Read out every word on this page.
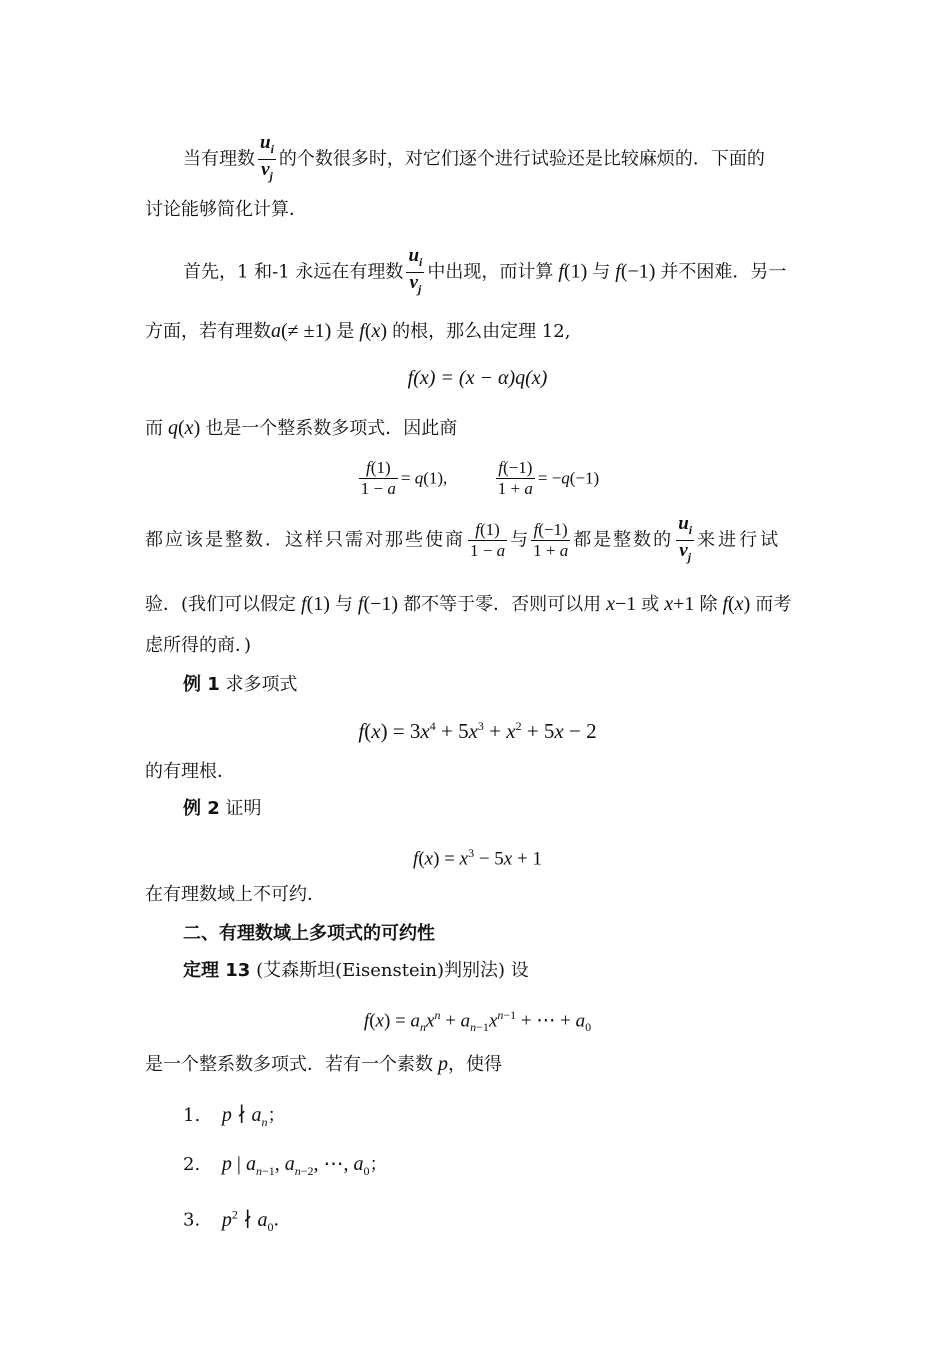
当有理数 $\frac{u_i}{v_j}$ 的个数很多时，对它们逐个进行试验还是比较麻烦的．下面的
讨论能够简化计算．
首先，1 和-1 永远在有理数 $\frac{u_i}{v_j}$ 中出现，而计算 f(1) 与 f(−1) 并不困难．另一
方面，若有理数a(≠ ±1) 是 f(x) 的根，那么由定理 12,
f(x) = (x − α)q(x)
而 q(x) 也是一个整系数多项式．因此商
$\frac{f(1)}{1 - a} = q(1)$,	$\frac{f(-1)}{1 + a} = -q(-1)$
都应该是整数．这样只需对那些使商 $\frac{f(1)}{1 - a}$ 与 $\frac{f(-1)}{1 + a}$ 都是整数的 $\frac{u_i}{v_j}$ 来进行试
验．(我们可以假定 f(1) 与 f(−1) 都不等于零．否则可以用 x−1 或 x+1 除 f(x) 而考
虑所得的商．)
例 1 求多项式
$f(x) = 3x^4 + 5x^3 + x^2 + 5x - 2$
的有理根．
例 2 证明
$f(x) = x^3 - 5x + 1$
在有理数域上不可约．
二、有理数域上多项式的可约性
定理 13 (艾森斯坦(Eisenstein)判别法) 设
$f(x) = a_nx^n + a_{n-1}x^{n-1}$ + ⋯ + $a_0$
是一个整系数多项式．若有一个素数 p，使得
1. p ∤ $a_n$；
2. p | $a_{n-1}$, $a_{n-2}$, ⋯, $a_0$；
3. $p^2$ ∤ $a_0$．
